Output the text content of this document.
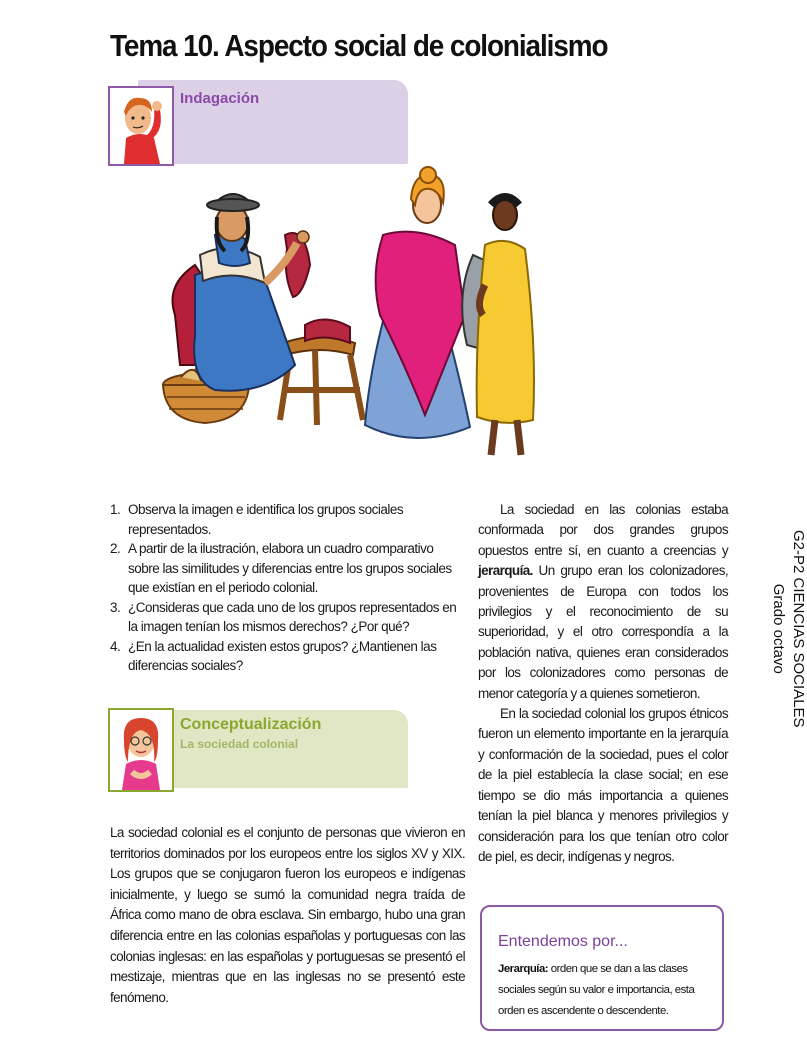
Tema 10. Aspecto social de colonialismo
Indagación
1. Observa la imagen e identifica los grupos sociales representados.
2. A partir de la ilustración, elabora un cuadro comparativo sobre las similitudes y diferencias entre los grupos sociales que existían en el periodo colonial.
3. ¿Consideras que cada uno de los grupos representados en la imagen tenían los mismos derechos? ¿Por qué?
4. ¿En la actualidad existen estos grupos? ¿Mantienen las diferencias sociales?
Conceptualización
La sociedad colonial

La sociedad colonial es el conjunto de personas que vivieron en territorios dominados por los europeos entre los siglos XV y XIX. Los grupos que se conjugaron fueron los europeos e indígenas inicialmente, y luego se sumó la comunidad negra traída de África como mano de obra esclava. Sin embargo, hubo una gran diferencia entre en las colonias españolas y portuguesas con las colonias inglesas: en las españolas y portuguesas se presentó el mestizaje, mientras que en las inglesas no se presentó este fenómeno.

La sociedad en las colonias estaba conformada por dos grandes grupos opuestos entre sí, en cuanto a creencias y jerarquía. Un grupo eran los colonizadores, provenientes de Europa con todos los privilegios y el reconocimiento de su superioridad, y el otro correspondía a la población nativa, quienes eran considerados por los colonizadores como personas de menor categoría y a quienes sometieron.

En la sociedad colonial los grupos étnicos fueron un elemento importante en la jerarquía y conformación de la sociedad, pues el color de la piel establecía la clase social; en ese tiempo se dio más importancia a quienes tenían la piel blanca y menores privilegios y consideración para los que tenían otro color de piel, es decir, indígenas y negros.

Entendemos por...
Jerarquía: orden que se dan a las clases sociales según su valor e importancia, esta orden es ascendente o descendente.
G2-P2 CIENCIAS SOCIALES
Grado octavo
